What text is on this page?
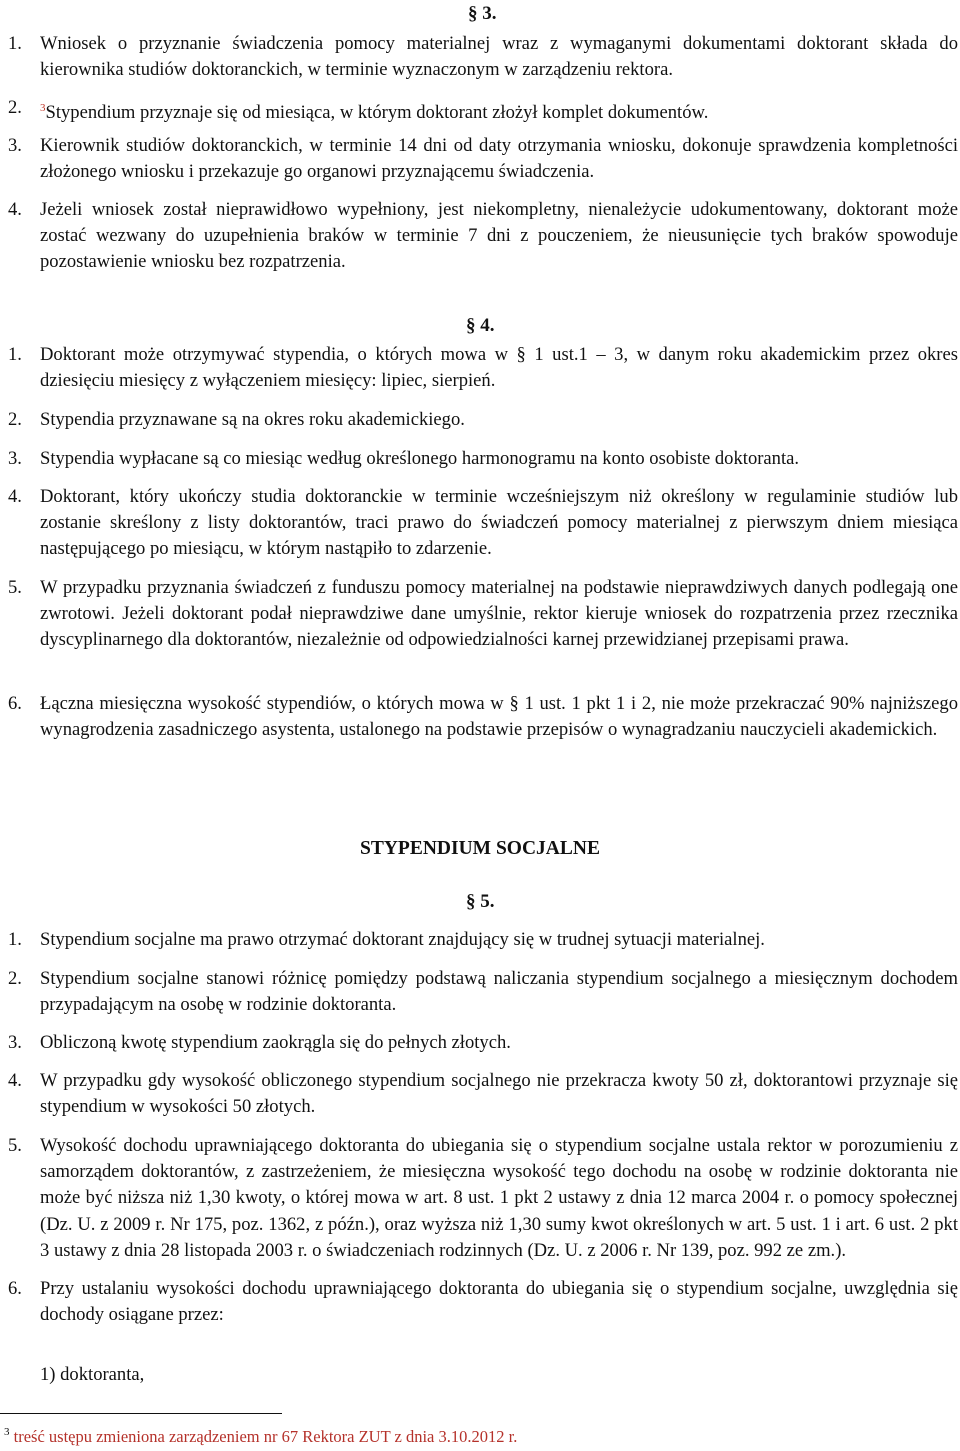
§ 3.
1. Wniosek o przyznanie świadczenia pomocy materialnej wraz z wymaganymi dokumentami doktorant składa do kierownika studiów doktoranckich, w terminie wyznaczonym w zarządzeniu rektora.
2. $^3$Stypendium przyznaje się od miesiąca, w którym doktorant złożył komplet dokumentów.
3. Kierownik studiów doktoranckich, w terminie 14 dni od daty otrzymania wniosku, dokonuje sprawdzenia kompletności złożonego wniosku i przekazuje go organowi przyznającemu świadczenia.
4. Jeżeli wniosek został nieprawidłowo wypełniony, jest niekompletny, nienależycie udokumentowany, doktorant może zostać wezwany do uzupełnienia braków w terminie 7 dni z pouczeniem, że nieusunięcie tych braków spowoduje pozostawienie wniosku bez rozpatrzenia.
§ 4.
1. Doktorant może otrzymywać stypendia, o których mowa w § 1 ust.1 – 3, w danym roku akademickim przez okres dziesięciu miesięcy z wyłączeniem miesięcy: lipiec, sierpień.
2. Stypendia przyznawane są na okres roku akademickiego.
3. Stypendia wypłacane są co miesiąc według określonego harmonogramu na konto osobiste doktoranta.
4. Doktorant, który ukończy studia doktoranckie w terminie wcześniejszym niż określony w regulaminie studiów lub zostanie skreślony z listy doktorantów, traci prawo do świadczeń pomocy materialnej z pierwszym dniem miesiąca następującego po miesiącu, w którym nastąpiło to zdarzenie.
5. W przypadku przyznania świadczeń z funduszu pomocy materialnej na podstawie nieprawdziwych danych podlegają one zwrotowi. Jeżeli doktorant podał nieprawdziwe dane umyślnie, rektor kieruje wniosek do rozpatrzenia przez rzecznika dyscyplinarnego dla doktorantów, niezależnie od odpowiedzialności karnej przewidzianej przepisami prawa.
6. Łączna miesięczna wysokość stypendiów, o których mowa w § 1 ust. 1 pkt 1 i 2, nie może przekraczać 90% najniższego wynagrodzenia zasadniczego asystenta, ustalonego na podstawie przepisów o wynagradzaniu nauczycieli akademickich.
STYPENDIUM SOCJALNE
§ 5.
1. Stypendium socjalne ma prawo otrzymać doktorant znajdujący się w trudnej sytuacji materialnej.
2. Stypendium socjalne stanowi różnicę pomiędzy podstawą naliczania stypendium socjalnego a miesięcznym dochodem przypadającym na osobę w rodzinie doktoranta.
3. Obliczoną kwotę stypendium zaokrągla się do pełnych złotych.
4. W przypadku gdy wysokość obliczonego stypendium socjalnego nie przekracza kwoty 50 zł, doktorantowi przyznaje się stypendium w wysokości 50 złotych.
5. Wysokość dochodu uprawniającego doktoranta do ubiegania się o stypendium socjalne ustala rektor w porozumieniu z samorządem doktorantów, z zastrzeżeniem, że miesięczna wysokość tego dochodu na osobę w rodzinie doktoranta nie może być niższa niż 1,30 kwoty, o której mowa w art. 8 ust. 1 pkt 2 ustawy z dnia 12 marca 2004 r. o pomocy społecznej (Dz. U. z 2009 r. Nr 175, poz. 1362, z późn.), oraz wyższa niż 1,30 sumy kwot określonych w art. 5 ust. 1 i art. 6 ust. 2 pkt 3 ustawy z dnia 28 listopada 2003 r. o świadczeniach rodzinnych (Dz. U. z 2006 r. Nr 139, poz. 992 ze zm.).
6. Przy ustalaniu wysokości dochodu uprawniającego doktoranta do ubiegania się o stypendium socjalne, uwzględnia się dochody osiągane przez:
1) doktoranta,
$^3$ treść ustępu zmieniona zarządzeniem nr 67 Rektora ZUT z dnia 3.10.2012 r.
